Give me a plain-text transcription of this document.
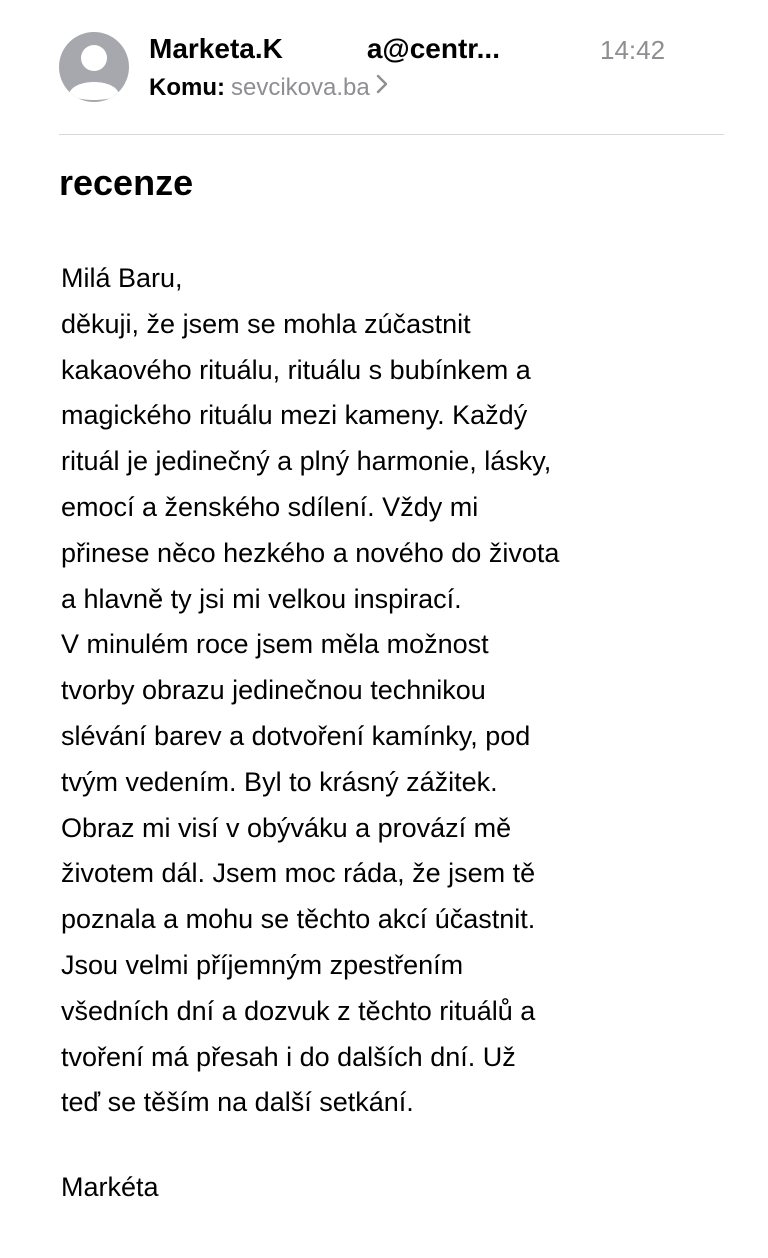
Marketa.K	a@centr...	14:42
Komu: sevcikova.ba
recenze
Milá Baru,
děkuji, že jsem se mohla zúčastnit
kakaového rituálu, rituálu s bubínkem a
magického rituálu mezi kameny. Každý
rituál je jedinečný a plný harmonie, lásky,
emocí a ženského sdílení. Vždy mi
přinese něco hezkého a nového do života
a hlavně ty jsi mi velkou inspirací.
V minulém roce jsem měla možnost
tvorby obrazu jedinečnou technikou
slévání barev a dotvoření kamínky, pod
tvým vedením. Byl to krásný zážitek.
Obraz mi visí v obýváku a provází mě
životem dál. Jsem moc ráda, že jsem tě
poznala a mohu se těchto akcí účastnit.
Jsou velmi příjemným zpestřením
všedních dní a dozvuk z těchto rituálů a
tvoření má přesah i do dalších dní. Už
teď se těším na další setkání.
Markéta
